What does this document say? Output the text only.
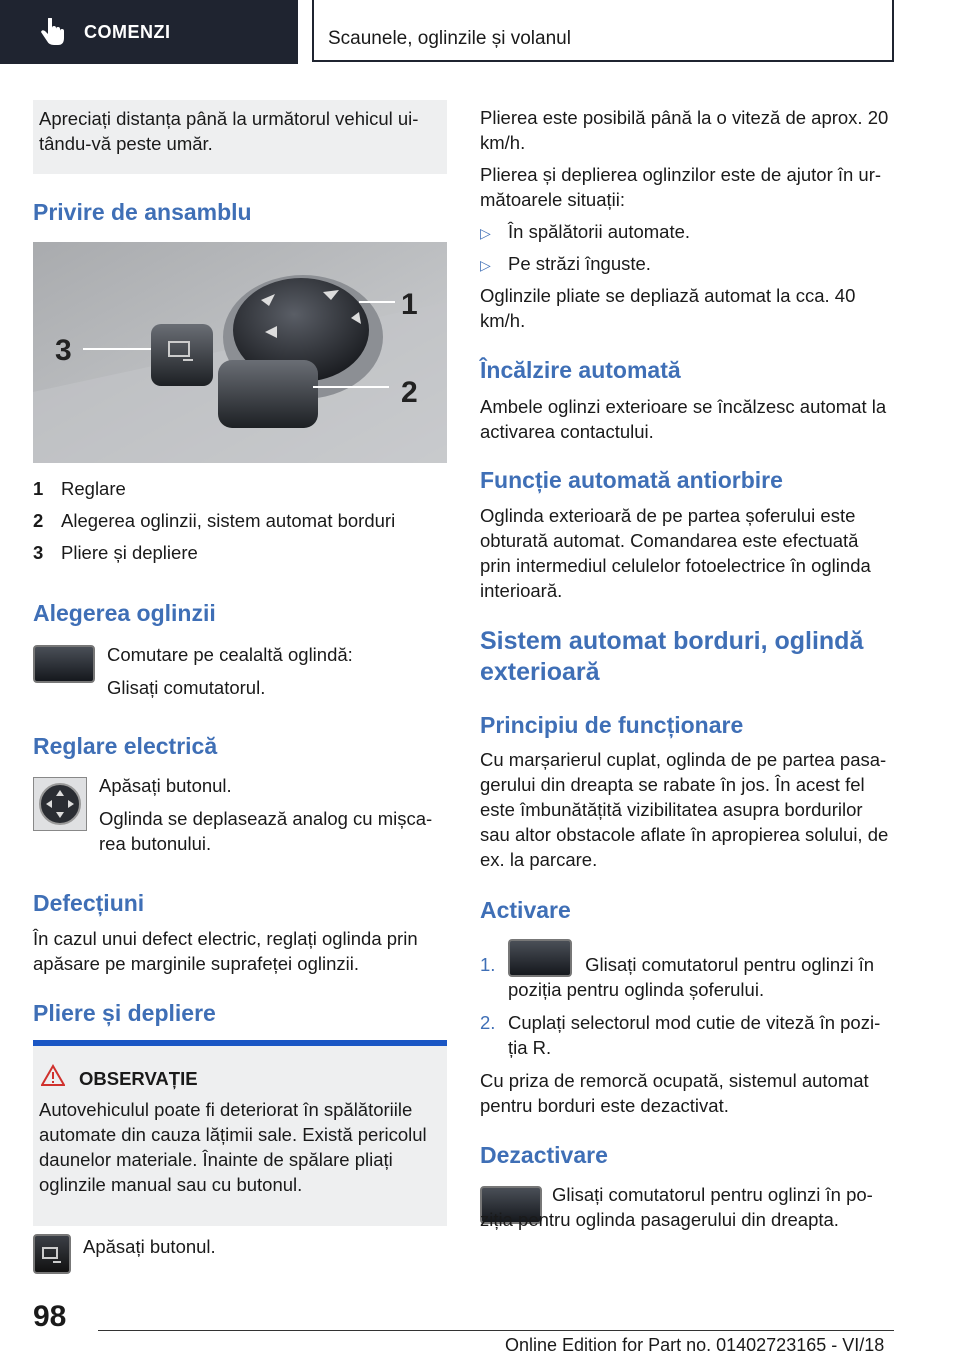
COMENZI	Scaunele, oglinzile și volanul

Apreciați distanța până la următorul vehicul ui‐ tându-vă peste umăr.

Privire de ansamblu
3
1
2

1 Reglare

2 Alegerea oglinzii, sistem automat borduri

3 Pliere și depliere

Alegerea oglinzii

Comutare pe cealaltă oglindă:

Glisați comutatorul.

Reglare electrică

Apăsați butonul.

Oglinda se deplasează analog cu mișca‐ rea butonului.

Defecțiuni

În cazul unui defect electric, reglați oglinda prin apăsare pe marginile suprafeței oglinzii.

Pliere și depliere

OBSERVAȚIE

Autovehiculul poate fi deteriorat în spălătoriile automate din cauza lățimii sale. Există pericolul daunelor materiale. Înainte de spălare pliați oglinzile manual sau cu butonul.

Apăsați butonul.

Plierea este posibilă până la o viteză de aprox. 20 km/h.

Plierea și deplierea oglinzilor este de ajutor în ur‐ mătoarele situații:

▷ În spălătorii automate.

▷ Pe străzi înguste.

Oglinzile pliate se depliază automat la cca. 40 km/h.

Încălzire automată

Ambele oglinzi exterioare se încălzesc automat la activarea contactului.

Funcție automată antiorbire

Oglinda exterioară de pe partea șoferului este obturată automat. Comandarea este efectuată prin intermediul celulelor fotoelectrice în oglinda interioară.

Sistem automat borduri, oglindă exterioară
Principiu de funcționare

Cu marșarierul cuplat, oglinda de pe partea pasa‐ gerului din dreapta se rabate în jos. În acest fel este îmbunătățită vizibilitatea asupra bordurilor sau altor obstacole aflate în apropierea solului, de ex. la parcare.

Activare

1.	Glisați comutatorul pentru oglinzi în poziția pentru oglinda șoferului.

2. Cuplați selectorul mod cutie de viteză în pozi‐ ția R.

Cu priza de remorcă ocupată, sistemul automat pentru borduri este dezactivat.

Dezactivare

Glisați comutatorul pentru oglinzi în po‐ ziția pentru oglinda pasagerului din dreapta.

98
Online Edition for Part no. 01402723165 - VI/18
